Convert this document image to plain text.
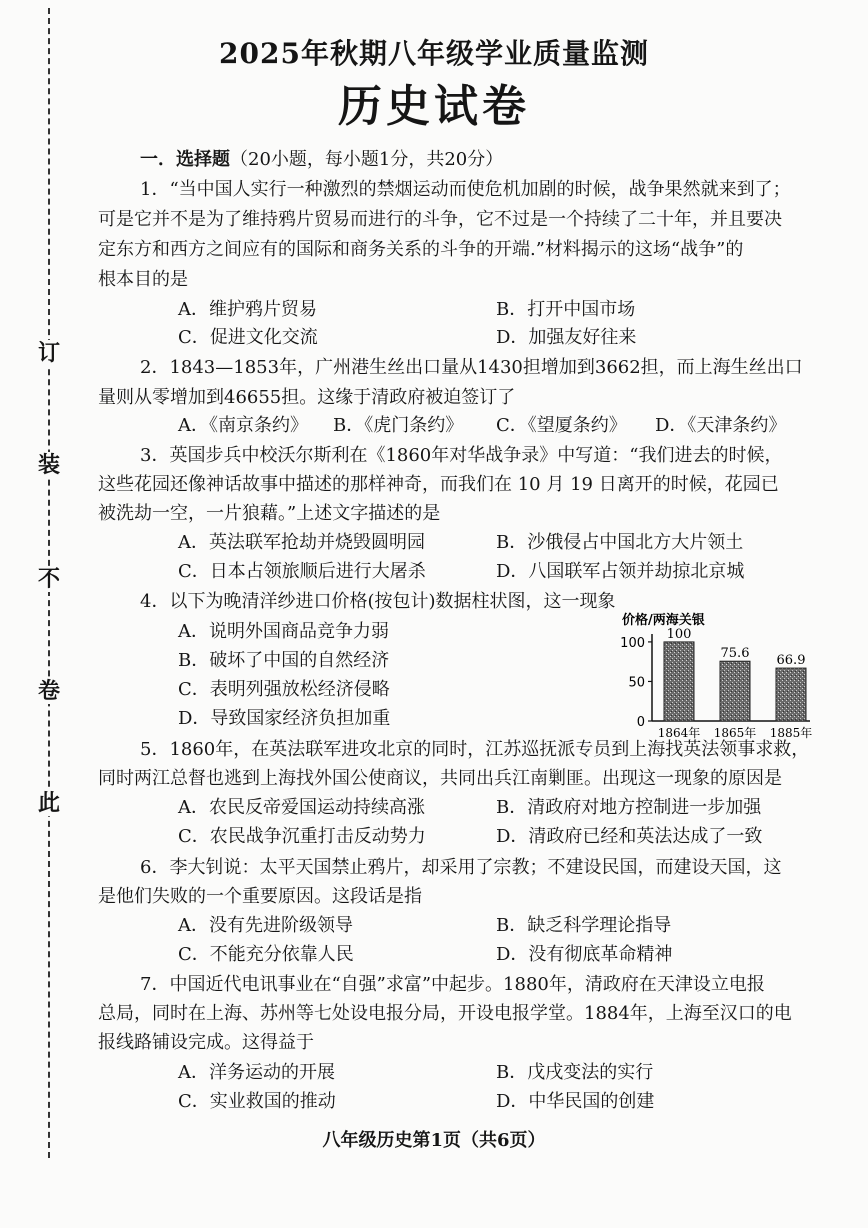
订
装
不
卷
此
2025年秋期八年级学业质量监测
历史试卷
一．选择题（20小题，每小题1分，共20分）
1．“当中国人实行一种激烈的禁烟运动而使危机加剧的时候，战争果然就来到了；
可是它并不是为了维持鸦片贸易而进行的斗争，它不过是一个持续了二十年，并且要决
定东方和西方之间应有的国际和商务关系的斗争的开端.”材料揭示的这场“战争”的
根本目的是
A．维护鸦片贸易	B．打开中国市场
C．促进文化交流	D．加强友好往来
2．1843—1853年，广州港生丝出口量从1430担增加到3662担，而上海生丝出口
量则从零增加到46655担。这缘于清政府被迫签订了
A．《南京条约》 B．《虎门条约》 C．《望厦条约》 D．《天津条约》
3．英国步兵中校沃尔斯利在《1860年对华战争录》中写道：“我们进去的时候，
这些花园还像神话故事中描述的那样神奇，而我们在 10 月 19 日离开的时候，花园已
被洗劫一空，一片狼藉。”上述文字描述的是
A．英法联军抢劫并烧毁圆明园	B．沙俄侵占中国北方大片领土
C．日本占领旅顺后进行大屠杀	D．八国联军占领并劫掠北京城
4．以下为晚清洋纱进口价格(按包计)数据柱状图，这一现象
A．说明外国商品竞争力弱
B．破坏了中国的自然经济
C．表明列强放松经济侵略
D．导致国家经济负担加重
价格/两海关银
0
50
100
100
1864年
75.6
1865年
66.9
1885年
5．1860年，在英法联军进攻北京的同时，江苏巡抚派专员到上海找英法领事求救，
同时两江总督也逃到上海找外国公使商议，共同出兵江南剿匪。出现这一现象的原因是
A．农民反帝爱国运动持续高涨	B．清政府对地方控制进一步加强
C．农民战争沉重打击反动势力	D．清政府已经和英法达成了一致
6．李大钊说：太平天国禁止鸦片，却采用了宗教；不建设民国，而建设天国，这
是他们失败的一个重要原因。这段话是指
A．没有先进阶级领导	B．缺乏科学理论指导
C．不能充分依靠人民	D．没有彻底革命精神
7．中国近代电讯事业在“自强”求富”中起步。1880年，清政府在天津设立电报
总局，同时在上海、苏州等七处设电报分局，开设电报学堂。1884年，上海至汉口的电
报线路铺设完成。这得益于
A．洋务运动的开展	B．戊戌变法的实行
C．实业救国的推动	D．中华民国的创建
八年级历史第1页（共6页）
